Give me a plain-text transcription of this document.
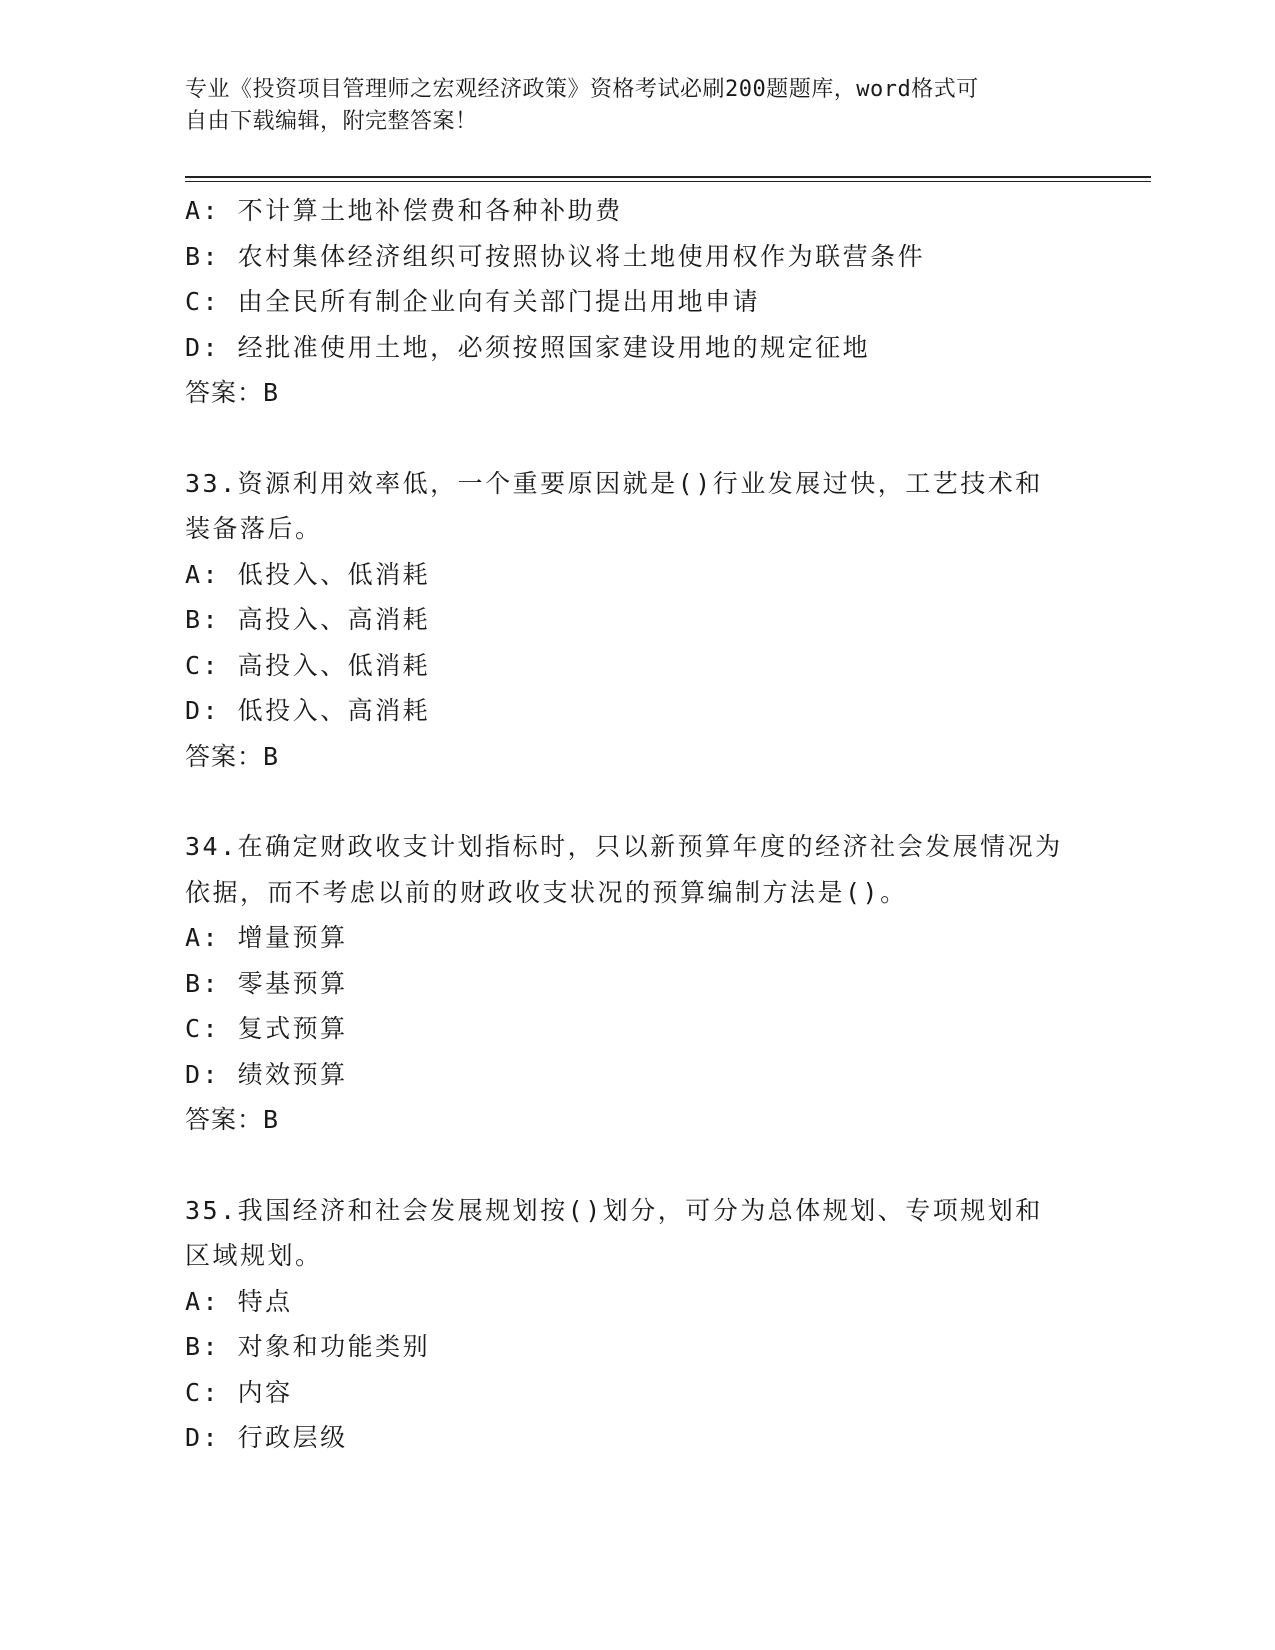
专业《投资项目管理师之宏观经济政策》资格考试必刷200题题库，word格式可
自由下载编辑，附完整答案！
A: 不计算土地补偿费和各种补助费
B: 农村集体经济组织可按照协议将土地使用权作为联营条件
C: 由全民所有制企业向有关部门提出用地申请
D: 经批准使用土地，必须按照国家建设用地的规定征地
答案：B
33.资源利用效率低，一个重要原因就是()行业发展过快，工艺技术和装备落后。
A: 低投入、低消耗
B: 高投入、高消耗
C: 高投入、低消耗
D: 低投入、高消耗
答案：B
34.在确定财政收支计划指标时，只以新预算年度的经济社会发展情况为依据，而不考虑以前的财政收支状况的预算编制方法是()。
A: 增量预算
B: 零基预算
C: 复式预算
D: 绩效预算
答案：B
35.我国经济和社会发展规划按()划分，可分为总体规划、专项规划和区域规划。
A: 特点
B: 对象和功能类别
C: 内容
D: 行政层级
